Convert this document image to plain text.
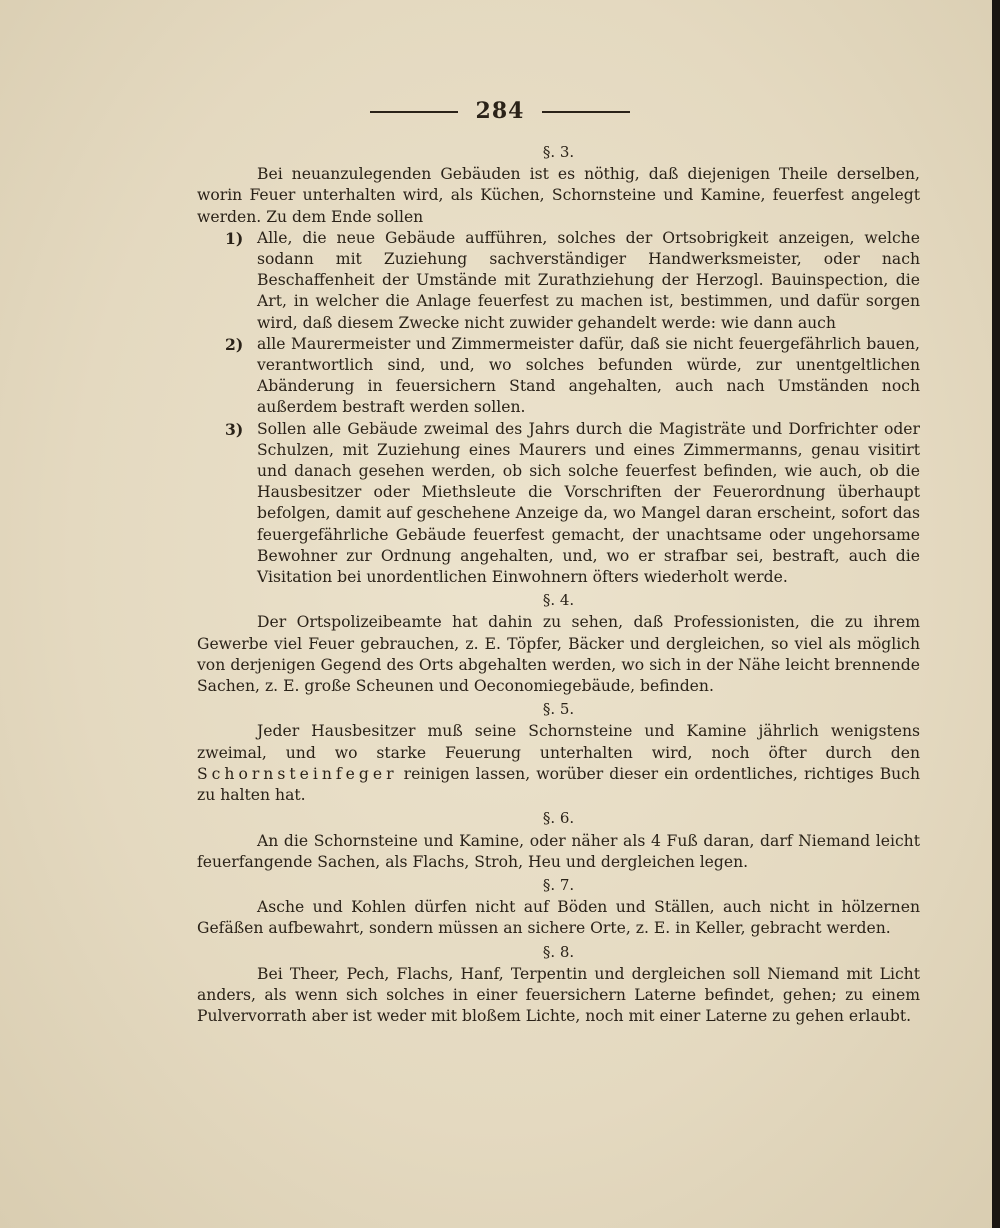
284
§. 3.

Bei neuanzulegenden Gebäuden ist es nöthig, daß diejenigen Theile derselben, worin Feuer unterhalten wird, als Küchen, Schornsteine und Kamine, feuerfest angelegt werden. Zu dem Ende sollen

1) Alle, die neue Gebäude aufführen, solches der Ortsobrigkeit anzeigen, welche sodann mit Zuziehung sachverständiger Handwerksmeister, oder nach Beschaffenheit der Umstände mit Zurathziehung der Herzogl. Bauinspection, die Art, in welcher die Anlage feuerfest zu machen ist, bestimmen, und dafür sorgen wird, daß diesem Zwecke nicht zuwider gehandelt werde: wie dann auch
2) alle Maurermeister und Zimmermeister dafür, daß sie nicht feuergefährlich bauen, verantwortlich sind, und, wo solches befunden würde, zur unentgeltlichen Abänderung in feuersichern Stand angehalten, auch nach Umständen noch außerdem bestraft werden sollen.
3) Sollen alle Gebäude zweimal des Jahrs durch die Magisträte und Dorfrichter oder Schulzen, mit Zuziehung eines Maurers und eines Zimmermanns, genau visitirt und danach gesehen werden, ob sich solche feuerfest befinden, wie auch, ob die Hausbesitzer oder Miethsleute die Vorschriften der Feuerordnung überhaupt befolgen, damit auf geschehene Anzeige da, wo Mangel daran erscheint, sofort das feuergefährliche Gebäude feuerfest gemacht, der unachtsame oder ungehorsame Bewohner zur Ordnung angehalten, und, wo er strafbar sei, bestraft, auch die Visitation bei unordentlichen Einwohnern öfters wiederholt werde.
§. 4.

Der Ortspolizeibeamte hat dahin zu sehen, daß Professionisten, die zu ihrem Gewerbe viel Feuer gebrauchen, z. E. Töpfer, Bäcker und dergleichen, so viel als möglich von derjenigen Gegend des Orts abgehalten werden, wo sich in der Nähe leicht brennende Sachen, z. E. große Scheunen und Oeconomiegebäude, befinden.

§. 5.

Jeder Hausbesitzer muß seine Schornsteine und Kamine jährlich wenigstens zweimal, und wo starke Feuerung unterhalten wird, noch öfter durch den Schornsteinfeger reinigen lassen, worüber dieser ein ordentliches, richtiges Buch zu halten hat.

§. 6.

An die Schornsteine und Kamine, oder näher als 4 Fuß daran, darf Niemand leicht feuerfangende Sachen, als Flachs, Stroh, Heu und dergleichen legen.

§. 7.

Asche und Kohlen dürfen nicht auf Böden und Ställen, auch nicht in hölzernen Gefäßen aufbewahrt, sondern müssen an sichere Orte, z. E. in Keller, gebracht werden.

§. 8.

Bei Theer, Pech, Flachs, Hanf, Terpentin und dergleichen soll Niemand mit Licht anders, als wenn sich solches in einer feuersichern Laterne befindet, gehen; zu einem Pulvervorrath aber ist weder mit bloßem Lichte, noch mit einer Laterne zu gehen erlaubt.
